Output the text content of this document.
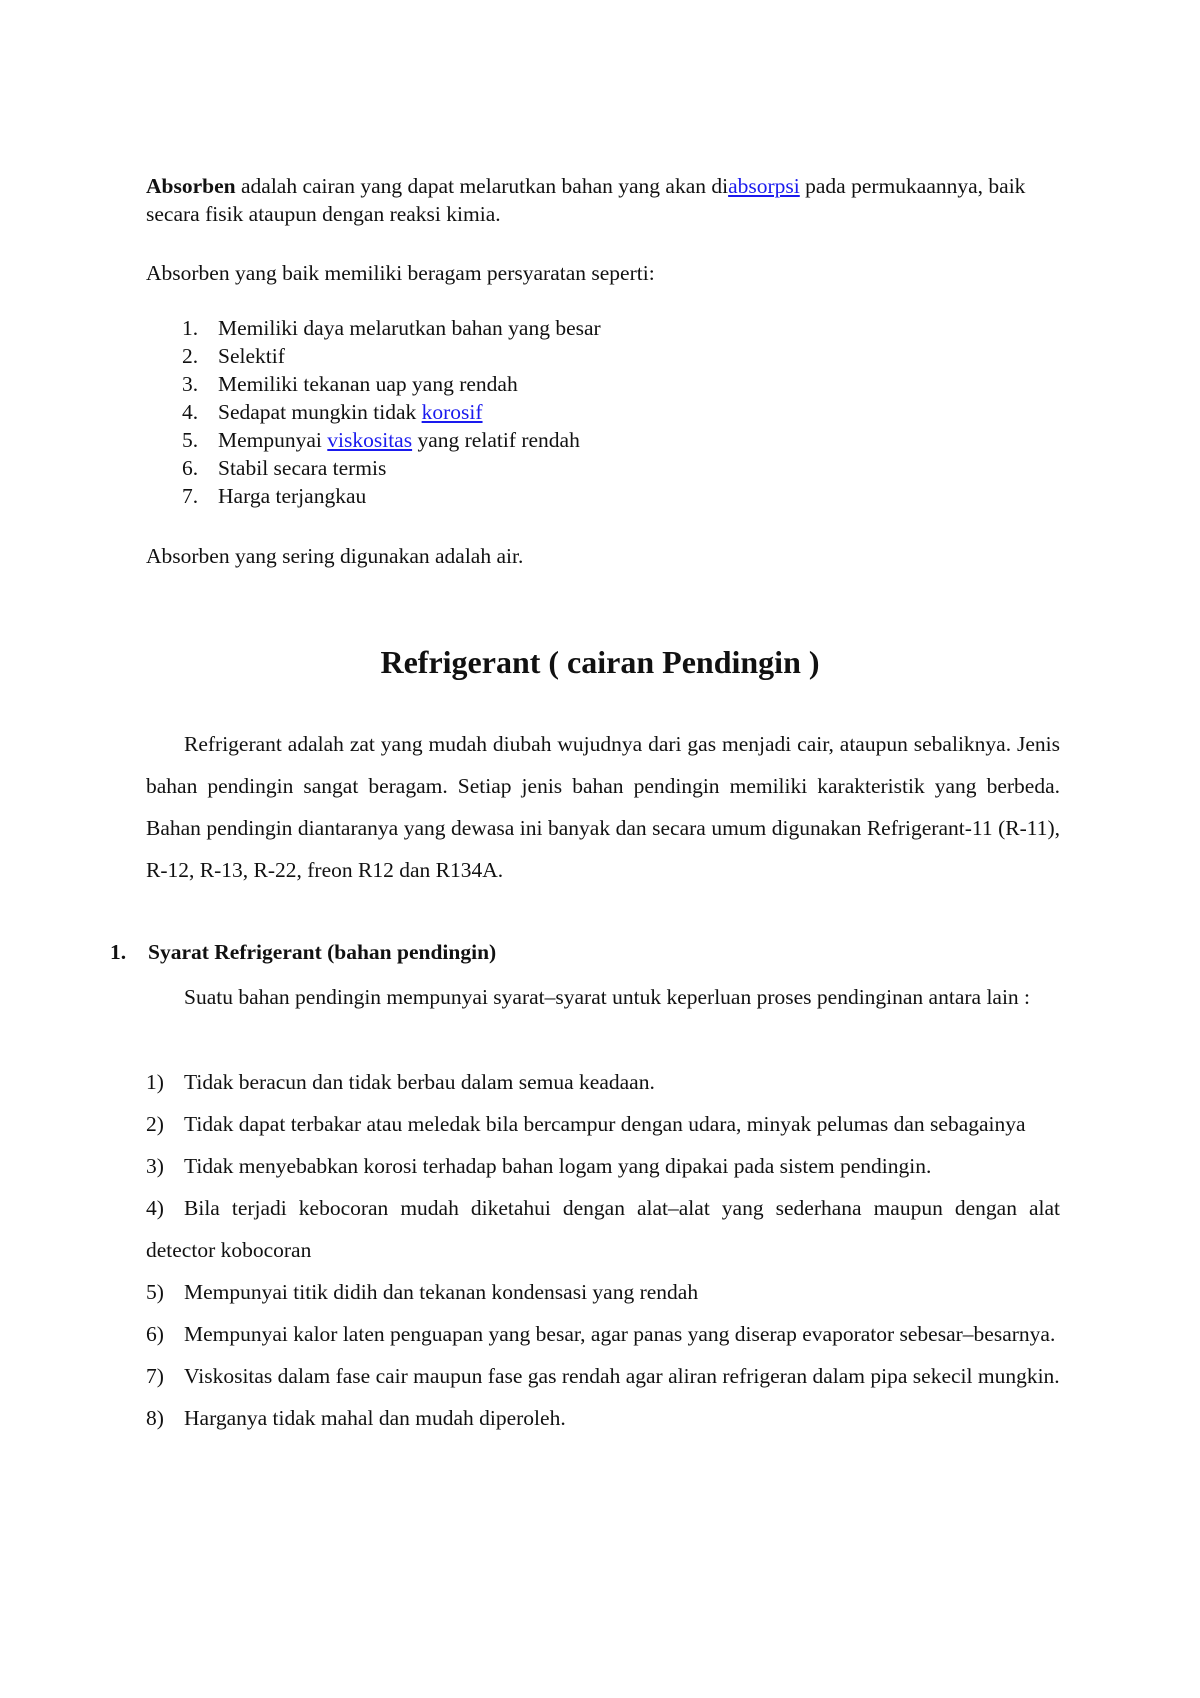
Absorben adalah cairan yang dapat melarutkan bahan yang akan diabsorpsi pada permukaannya, baik secara fisik ataupun dengan reaksi kimia.

Absorben yang baik memiliki beragam persyaratan seperti:

1. Memiliki daya melarutkan bahan yang besar
2. Selektif
3. Memiliki tekanan uap yang rendah
4. Sedapat mungkin tidak korosif
5. Mempunyai viskositas yang relatif rendah
6. Stabil secara termis
7. Harga terjangkau

Absorben yang sering digunakan adalah air.

Refrigerant ( cairan Pendingin )

Refrigerant adalah zat yang mudah diubah wujudnya dari gas menjadi cair, ataupun sebaliknya. Jenis bahan pendingin sangat beragam. Setiap jenis bahan pendingin memiliki karakteristik yang berbeda. Bahan pendingin diantaranya yang dewasa ini banyak dan secara umum digunakan Refrigerant-11 (R-11), R-12, R-13, R-22, freon R12 dan R134A.

1. Syarat Refrigerant (bahan pendingin)

Suatu bahan pendingin mempunyai syarat–syarat untuk keperluan proses pendinginan antara lain :

1) Tidak beracun dan tidak berbau dalam semua keadaan.
2) Tidak dapat terbakar atau meledak bila bercampur dengan udara, minyak pelumas dan sebagainya
3) Tidak menyebabkan korosi terhadap bahan logam yang dipakai pada sistem pendingin.
4) Bila terjadi kebocoran mudah diketahui dengan alat–alat yang sederhana maupun dengan alat detector kobocoran
5) Mempunyai titik didih dan tekanan kondensasi yang rendah
6) Mempunyai kalor laten penguapan yang besar, agar panas yang diserap evaporator sebesar–besarnya.
7) Viskositas dalam fase cair maupun fase gas rendah agar aliran refrigeran dalam pipa sekecil mungkin.
8) Harganya tidak mahal dan mudah diperoleh.
